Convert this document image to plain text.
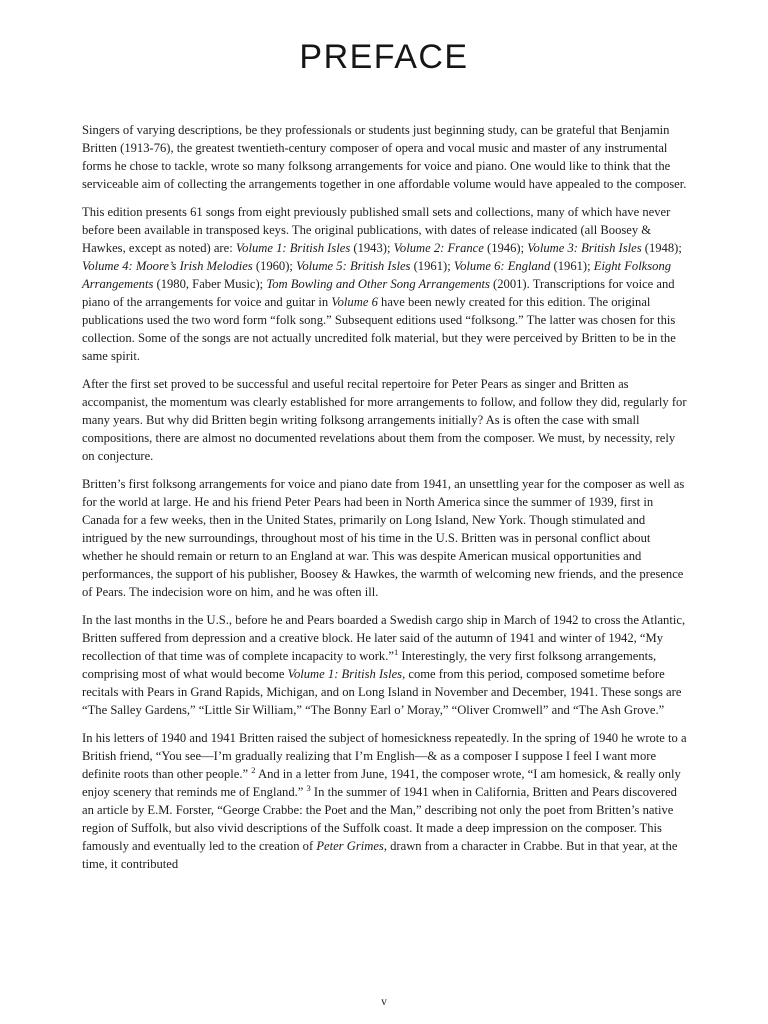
PREFACE

Singers of varying descriptions, be they professionals or students just beginning study, can be grateful that Benjamin Britten (1913-76), the greatest twentieth-century composer of opera and vocal music and master of any instrumental forms he chose to tackle, wrote so many folksong arrangements for voice and piano. One would like to think that the serviceable aim of collecting the arrangements together in one affordable volume would have appealed to the composer.

This edition presents 61 songs from eight previously published small sets and collections, many of which have never before been available in transposed keys. The original publications, with dates of release indicated (all Boosey & Hawkes, except as noted) are: Volume 1: British Isles (1943); Volume 2: France (1946); Volume 3: British Isles (1948); Volume 4: Moore’s Irish Melodies (1960); Volume 5: British Isles (1961); Volume 6: England (1961); Eight Folksong Arrangements (1980, Faber Music); Tom Bowling and Other Song Arrangements (2001). Transcriptions for voice and piano of the arrangements for voice and guitar in Volume 6 have been newly created for this edition. The original publications used the two word form “folk song.” Subsequent editions used “folksong.” The latter was chosen for this collection. Some of the songs are not actually uncredited folk material, but they were perceived by Britten to be in the same spirit.

After the first set proved to be successful and useful recital repertoire for Peter Pears as singer and Britten as accompanist, the momentum was clearly established for more arrangements to follow, and follow they did, regularly for many years. But why did Britten begin writing folksong arrangements initially? As is often the case with small compositions, there are almost no documented revelations about them from the composer. We must, by necessity, rely on conjecture.

Britten’s first folksong arrangements for voice and piano date from 1941, an unsettling year for the composer as well as for the world at large. He and his friend Peter Pears had been in North America since the summer of 1939, first in Canada for a few weeks, then in the United States, primarily on Long Island, New York. Though stimulated and intrigued by the new surroundings, throughout most of his time in the U.S. Britten was in personal conflict about whether he should remain or return to an England at war. This was despite American musical opportunities and performances, the support of his publisher, Boosey & Hawkes, the warmth of welcoming new friends, and the presence of Pears. The indecision wore on him, and he was often ill.

In the last months in the U.S., before he and Pears boarded a Swedish cargo ship in March of 1942 to cross the Atlantic, Britten suffered from depression and a creative block. He later said of the autumn of 1941 and winter of 1942, “My recollection of that time was of complete incapacity to work.”$^1$ Interestingly, the very first folksong arrangements, comprising most of what would become Volume 1: British Isles, come from this period, composed sometime before recitals with Pears in Grand Rapids, Michigan, and on Long Island in November and December, 1941. These songs are “The Salley Gardens,” “Little Sir William,” “The Bonny Earl o’ Moray,” “Oliver Cromwell” and “The Ash Grove.”

In his letters of 1940 and 1941 Britten raised the subject of homesickness repeatedly. In the spring of 1940 he wrote to a British friend, “You see—I’m gradually realizing that I’m English—& as a composer I suppose I feel I want more definite roots than other people.” $^2$ And in a letter from June, 1941, the composer wrote, “I am homesick, & really only enjoy scenery that reminds me of England.” $^3$ In the summer of 1941 when in California, Britten and Pears discovered an article by E.M. Forster, “George Crabbe: the Poet and the Man,” describing not only the poet from Britten’s native region of Suffolk, but also vivid descriptions of the Suffolk coast. It made a deep impression on the composer. This famously and eventually led to the creation of Peter Grimes, drawn from a character in Crabbe. But in that year, at the time, it contributed

v
